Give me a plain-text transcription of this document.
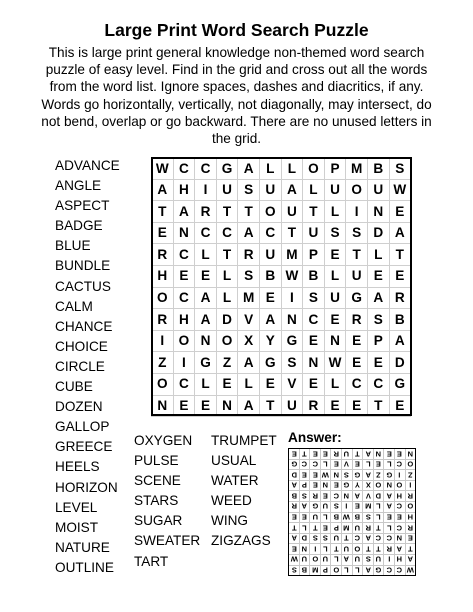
Large Print Word Search Puzzle
This is large print general knowledge non-themed word search puzzle of easy level. Find in the grid and cross out all the words from the word list. Ignore spaces, dashes and diacritics, if any. Words go horizontally, vertically, not diagonally, may intersect, do not bend, overlap or go backward. There are no unused letters in the grid.
W	C	C	G	A	L	L	O	P	M	B	S
A	H	I	U	S	U	A	L	U	O	U	W
T	A	R	T	T	O	U	T	L	I	N	E
E	N	C	C	A	C	T	U	S	S	D	A
R	C	L	T	R	U	M	P	E	T	L	T
H	E	E	L	S	B	W	B	L	U	E	E
O	C	A	L	M	E	I	S	U	G	A	R
R	H	A	D	V	A	N	C	E	R	S	B
I	O	N	O	X	Y	G	E	N	E	P	A
Z	I	G	Z	A	G	S	N	W	E	E	D
O	C	L	E	L	E	V	E	L	C	C	G
N	E	E	N	A	T	U	R	E	E	T	E
ADVANCE
ANGLE
ASPECT
BADGE
BLUE
BUNDLE
CACTUS
CALM
CHANCE
CHOICE
CIRCLE
CUBE
DOZEN
GALLOP
GREECE
HEELS
HORIZON
LEVEL
MOIST
NATURE
OUTLINE
OXYGEN
PULSE
SCENE
STARS
SUGAR
SWEATER
TART
TRUMPET
USUAL
WATER
WEED
WING
ZIGZAGS
Answer:
E	T	E	E	R	U	T	A	N	E	E	N
G	C	C	L	E	V	E	L	E	L	C	O
D	E	E	W	N	S	G	A	Z	G	I	Z
A	P	E	N	E	G	Y	X	O	N	O	I
B	S	R	E	C	N	A	V	D	A	H	R
R	A	G	U	S	I	E	M	L	A	C	O
E	E	U	L	B	W	B	S	L	E	E	H
T	L	T	E	P	M	U	R	T	L	C	R
A	D	S	S	U	T	C	A	C	C	N	E
E	N	I	L	T	U	O	T	T	R	A	T
W	U	O	U	L	A	U	S	U	I	H	A
S	B	M	P	O	L	L	A	G	C	C	W
